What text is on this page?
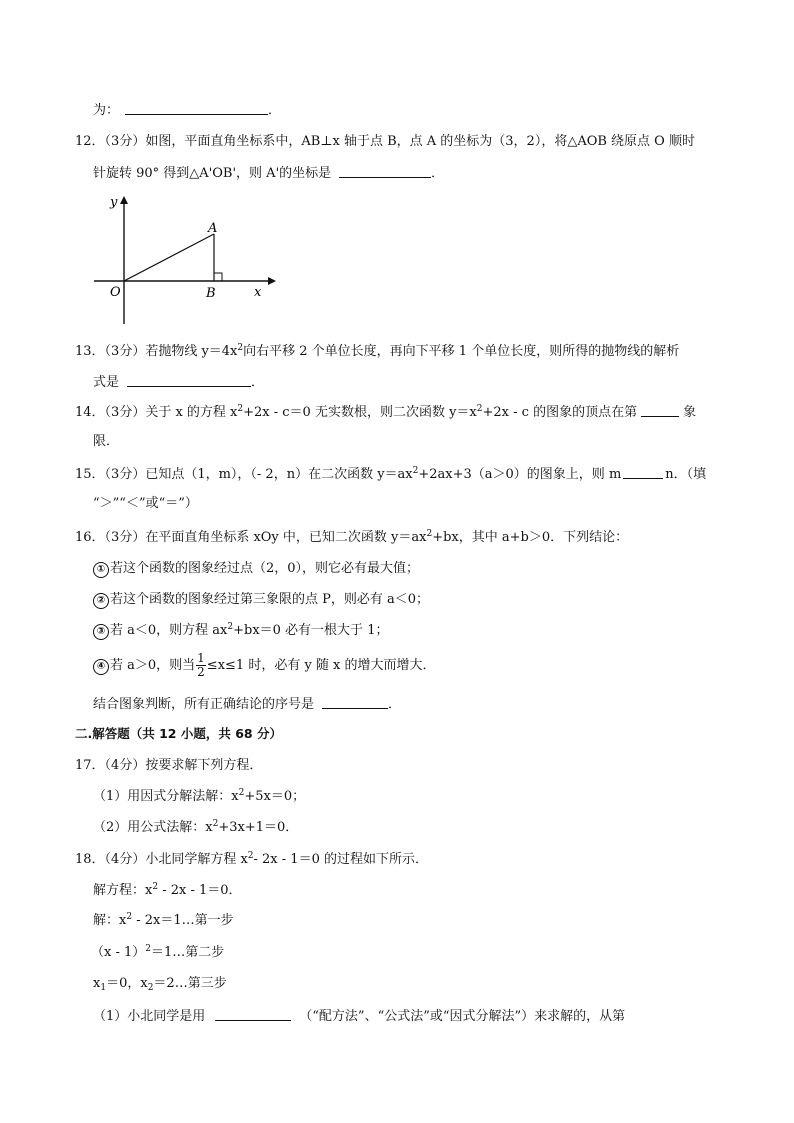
为：	．
12．（3分）如图，平面直角坐标系中，AB⊥x 轴于点 B，点 A 的坐标为（3，2），将△AOB 绕原点 O 顺时
针旋转 90° 得到△A'OB'，则 A'的坐标是	．
y
x
O
A
B
13．（3分）若抛物线 $y=4x^2$向右平移 2 个单位长度，再向下平移 1 个单位长度，则所得的抛物线的解析
式是	．
14．（3分）关于 x 的方程 $x^2+2x - c=0$ 无实数根，则二次函数 $y=x^2+2x - c$ 的图象的顶点在第	象
限．
15．（3分）已知点（1，m），（- 2，n）在二次函数 $y=ax^2+2ax+3(a>0)$的图象上，则 m	n．（填
“＞”“＜”或“＝”）
16．（3分）在平面直角坐标系 xOy 中，已知二次函数 $y=ax^2+bx$，其中 a+b＞0．下列结论：
① 若这个函数的图象经过点（2，0），则它必有最大值；
② 若这个函数的图象经过第三象限的点 P，则必有 a＜0；
③ 若 a＜0，则方程 $ax^2+bx=0$ 必有一根大于 1；
④ 若 a＞0，则当 $\frac{1}{2} \le x\le 1$ 时，必有 y 随 x 的增大而增大．
结合图象判断，所有正确结论的序号是	．
二.解答题（共 12 小题，共 68 分）
17．（4分）按要求解下列方程．
（1）用因式分解法解：$x^2+5x=0$；
（2）用公式法解：$x^2+3x+1=0$．
18．（4分）小北同学解方程 $x^2-$ 2x - 1＝0 的过程如下所示．
解方程：$x^2 - 2x - 1=0$．
解：$x^2$ - 2x＝1…第一步
（x - 1）$^2$＝1…第二步
$x_1=0$，$x_2=2\dots$第三步
（1）小北同学是用	（“配方法”、“公式法”或“因式分解法”）来求解的，从第
